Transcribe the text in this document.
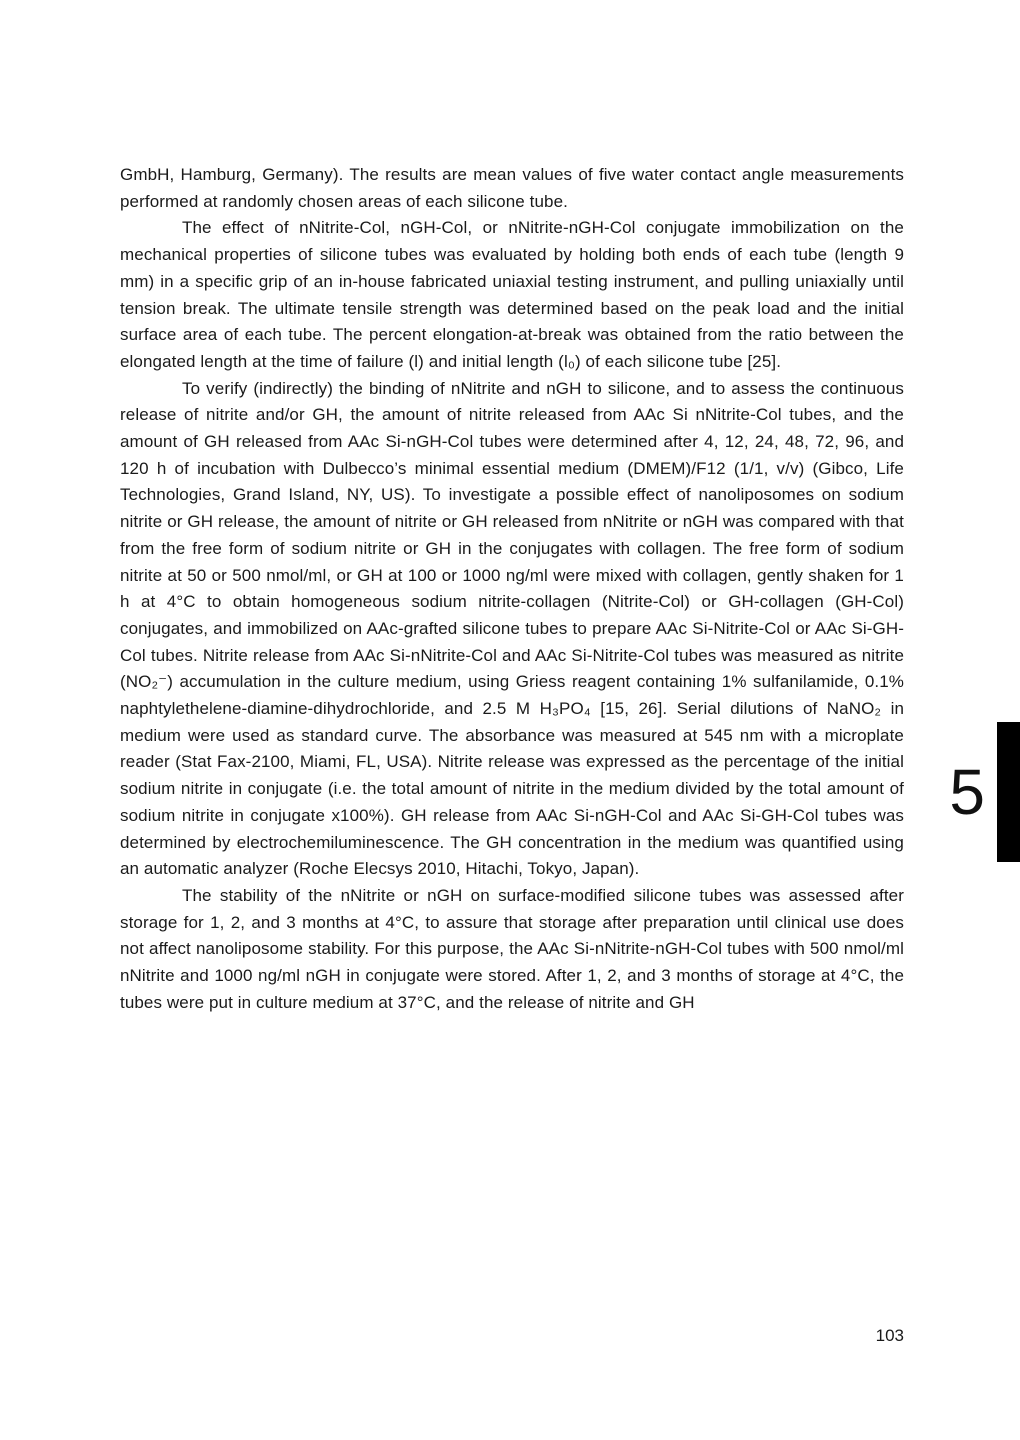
GmbH, Hamburg, Germany). The results are mean values of five water contact angle measurements performed at randomly chosen areas of each silicone tube.

The effect of nNitrite-Col, nGH-Col, or nNitrite-nGH-Col conjugate immobilization on the mechanical properties of silicone tubes was evaluated by holding both ends of each tube (length 9 mm) in a specific grip of an in-house fabricated uniaxial testing instrument, and pulling uniaxially until tension break. The ultimate tensile strength was determined based on the peak load and the initial surface area of each tube. The percent elongation-at-break was obtained from the ratio between the elongated length at the time of failure (l) and initial length (l₀) of each silicone tube [25].

To verify (indirectly) the binding of nNitrite and nGH to silicone, and to assess the continuous release of nitrite and/or GH, the amount of nitrite released from AAc Si nNitrite-Col tubes, and the amount of GH released from AAc Si-nGH-Col tubes were determined after 4, 12, 24, 48, 72, 96, and 120 h of incubation with Dulbecco’s minimal essential medium (DMEM)/F12 (1/1, v/v) (Gibco, Life Technologies, Grand Island, NY, US). To investigate a possible effect of nanoliposomes on sodium nitrite or GH release, the amount of nitrite or GH released from nNitrite or nGH was compared with that from the free form of sodium nitrite or GH in the conjugates with collagen. The free form of sodium nitrite at 50 or 500 nmol/ml, or GH at 100 or 1000 ng/ml were mixed with collagen, gently shaken for 1 h at 4°C to obtain homogeneous sodium nitrite-collagen (Nitrite-Col) or GH-collagen (GH-Col) conjugates, and immobilized on AAc-grafted silicone tubes to prepare AAc Si-Nitrite-Col or AAc Si-GH-Col tubes. Nitrite release from AAc Si-nNitrite-Col and AAc Si-Nitrite-Col tubes was measured as nitrite (NO₂⁻) accumulation in the culture medium, using Griess reagent containing 1% sulfanilamide, 0.1% naphtylethelene-diamine-dihydrochloride, and 2.5 M H₃PO₄ [15, 26]. Serial dilutions of NaNO₂ in medium were used as standard curve. The absorbance was measured at 545 nm with a microplate reader (Stat Fax-2100, Miami, FL, USA). Nitrite release was expressed as the percentage of the initial sodium nitrite in conjugate (i.e. the total amount of nitrite in the medium divided by the total amount of sodium nitrite in conjugate x100%). GH release from AAc Si-nGH-Col and AAc Si-GH-Col tubes was determined by electrochemiluminescence. The GH concentration in the medium was quantified using an automatic analyzer (Roche Elecsys 2010, Hitachi, Tokyo, Japan).

The stability of the nNitrite or nGH on surface-modified silicone tubes was assessed after storage for 1, 2, and 3 months at 4°C, to assure that storage after preparation until clinical use does not affect nanoliposome stability. For this purpose, the AAc Si-nNitrite-nGH-Col tubes with 500 nmol/ml nNitrite and 1000 ng/ml nGH in conjugate were stored. After 1, 2, and 3 months of storage at 4°C, the tubes were put in culture medium at 37°C, and the release of nitrite and GH

5
103
